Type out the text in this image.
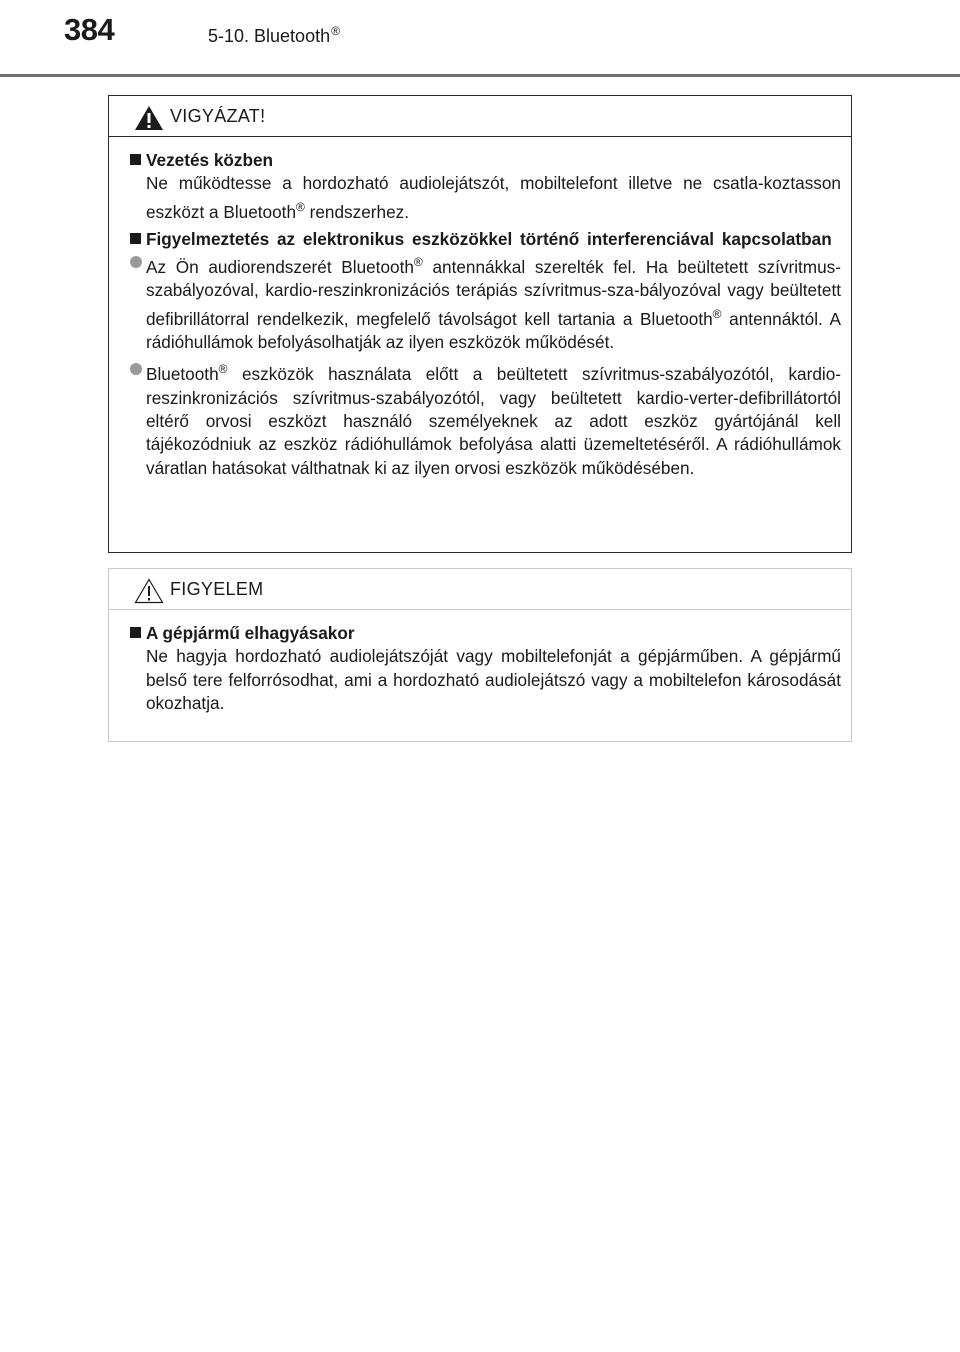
384	5-10. Bluetooth®
VIGYÁZAT!
Vezetés közben
Ne működtesse a hordozható audiolejátszót, mobiltelefont illetve ne csatla-koztasson eszközt a Bluetooth® rendszerhez.
Figyelmeztetés az elektronikus eszközökkel történő interferenciával kapcsolatban
Az Ön audiorendszerét Bluetooth® antennákkal szerelték fel. Ha beültetett szívritmus-szabályozóval, kardio-reszinkronizációs terápiás szívritmus-sza-bályozóval vagy beültetett defibrillátorral rendelkezik, megfelelő távolságot kell tartania a Bluetooth® antennáktól. A rádióhullámok befolyásolhatják az ilyen eszközök működését.
Bluetooth® eszközök használata előtt a beültetett szívritmus-szabályozótól, kardio-reszinkronizációs szívritmus-szabályozótól, vagy beültetett kardio-verter-defibrillátortól eltérő orvosi eszközt használó személyeknek az adott eszköz gyártójánál kell tájékozódniuk az eszköz rádióhullámok befolyása alatti üzemeltetéséről. A rádióhullámok váratlan hatásokat válthatnak ki az ilyen orvosi eszközök működésében.
FIGYELEM
A gépjármű elhagyásakor
Ne hagyja hordozható audiolejátszóját vagy mobiltelefonját a gépjárműben. A gépjármű belső tere felforrósodhat, ami a hordozható audiolejátszó vagy a mobiltelefon károsodását okozhatja.
